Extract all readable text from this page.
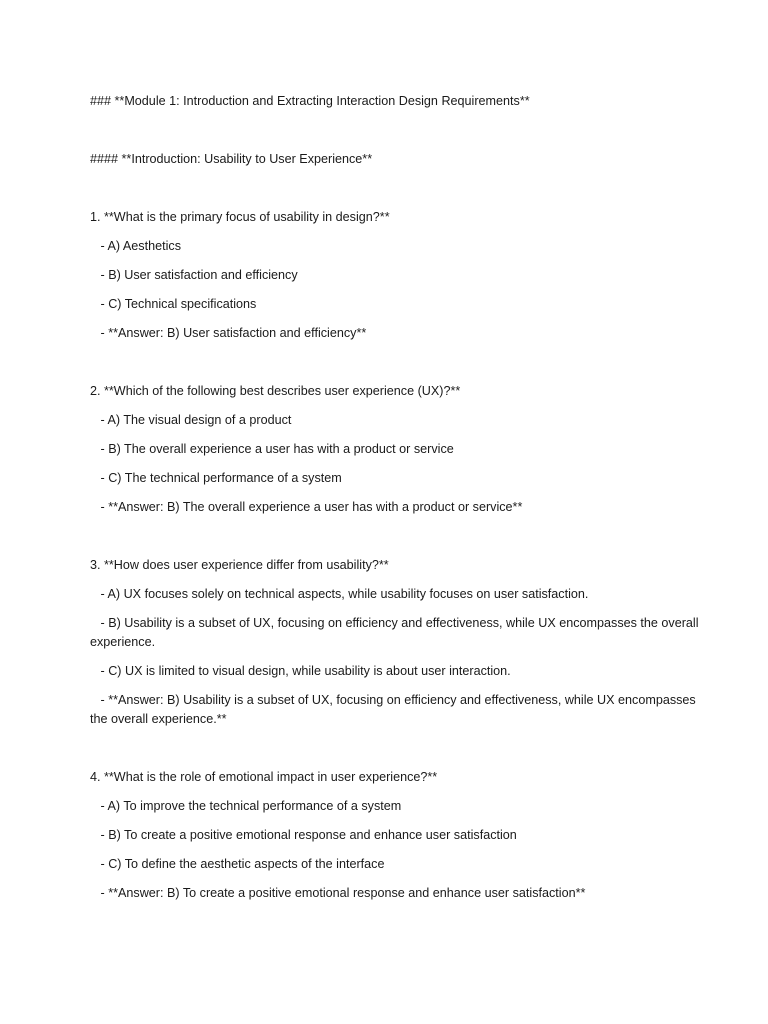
### **Module 1: Introduction and Extracting Interaction Design Requirements**

#### **Introduction: Usability to User Experience**

1. **What is the primary focus of usability in design?**

- A) Aesthetics

- B) User satisfaction and efficiency

- C) Technical specifications

- **Answer: B) User satisfaction and efficiency**

2. **Which of the following best describes user experience (UX)?**

- A) The visual design of a product

- B) The overall experience a user has with a product or service

- C) The technical performance of a system

- **Answer: B) The overall experience a user has with a product or service**

3. **How does user experience differ from usability?**

- A) UX focuses solely on technical aspects, while usability focuses on user satisfaction.

- B) Usability is a subset of UX, focusing on efficiency and effectiveness, while UX encompasses the overall experience.

- C) UX is limited to visual design, while usability is about user interaction.

- **Answer: B) Usability is a subset of UX, focusing on efficiency and effectiveness, while UX encompasses the overall experience.**

4. **What is the role of emotional impact in user experience?**

- A) To improve the technical performance of a system

- B) To create a positive emotional response and enhance user satisfaction

- C) To define the aesthetic aspects of the interface

- **Answer: B) To create a positive emotional response and enhance user satisfaction**
